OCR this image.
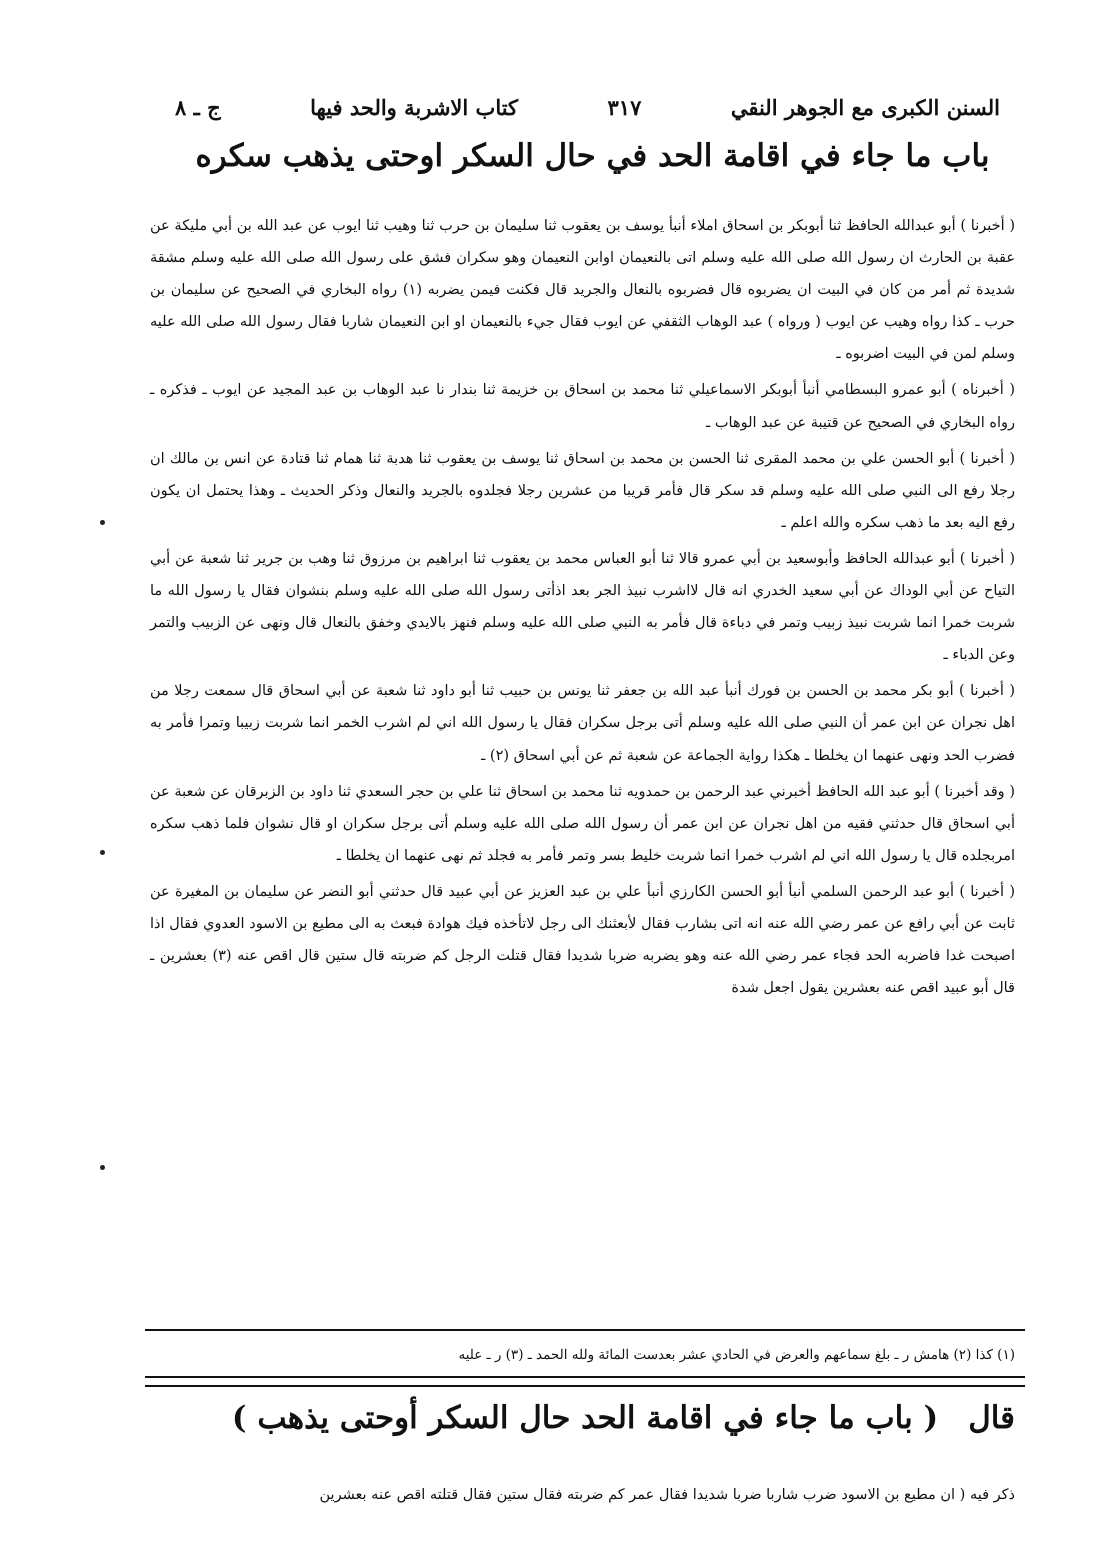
السنن الكبرى مع الجوهر النقي
٣١٧
كتاب الاشربة والحد فيها
ج ـ ٨
باب ما جاء في اقامة الحد في حال السكر اوحتى يذهب سكره

( أخبرنا ) أبو عبدالله الحافظ ثنا أبوبكر بن اسحاق املاء أنبأ يوسف بن يعقوب ثنا سليمان بن حرب ثنا وهيب ثنا ايوب عن عبد الله بن أبي مليكة عن عقبة بن الحارث ان رسول الله صلى الله عليه وسلم اتى بالنعيمان اوابن النعيمان وهو سكران فشق على رسول الله صلى الله عليه وسلم مشقة شديدة ثم أمر من كان في البيت ان يضربوه قال فضربوه بالنعال والجريد قال فكنت فيمن يضربه (١) رواه البخاري في الصحيح عن سليمان بن حرب ـ كذا رواه وهيب عن ايوب ( ورواه ) عبد الوهاب الثقفي عن ايوب فقال جيء بالنعيمان او ابن النعيمان شاربا فقال رسول الله صلى الله عليه وسلم لمن في البيت اضربوه ـ

( أخبرناه ) أبو عمرو البسطامي أنبأ أبوبكر الاسماعيلي ثنا محمد بن اسحاق بن خزيمة ثنا بندار نا عبد الوهاب بن عبد المجيد عن ايوب ـ فذكره ـ رواه البخاري في الصحيح عن قتيبة عن عبد الوهاب ـ

( أخبرنا ) أبو الحسن علي بن محمد المقرى ثنا الحسن بن محمد بن اسحاق ثنا يوسف بن يعقوب ثنا هدبة ثنا همام ثنا قتادة عن انس بن مالك ان رجلا رفع الى النبي صلى الله عليه وسلم قد سكر قال فأمر قريبا من عشرين رجلا فجلدوه بالجريد والنعال وذكر الحديث ـ وهذا يحتمل ان يكون رفع اليه بعد ما ذهب سكره والله اعلم ـ

( أخبرنا ) أبو عبدالله الحافظ وأبوسعيد بن أبي عمرو قالا ثنا أبو العباس محمد بن يعقوب ثنا ابراهيم بن مرزوق ثنا وهب بن جرير ثنا شعبة عن أبي التياح عن أبي الوداك عن أبي سعيد الخدري انه قال لااشرب نبيذ الجر بعد اذأتى رسول الله صلى الله عليه وسلم بنشوان فقال يا رسول الله ما شربت خمرا انما شربت نبيذ زبيب وتمر في دباءة قال فأمر به النبي صلى الله عليه وسلم فنهز بالايدي وخفق بالنعال قال ونهى عن الزبيب والتمر وعن الدباء ـ

( أخبرنا ) أبو بكر محمد بن الحسن بن فورك أنبأ عبد الله بن جعفر ثنا يونس بن حبيب ثنا أبو داود ثنا شعبة عن أبي اسحاق قال سمعت رجلا من اهل نجران عن ابن عمر أن النبي صلى الله عليه وسلم أتى برجل سكران فقال يا رسول الله اني لم اشرب الخمر انما شربت زبيبا وتمرا فأمر به فضرب الحد ونهى عنهما ان يخلطا ـ هكذا رواية الجماعة عن شعبة ثم عن أبي اسحاق (٢) ـ

( وقد أخبرنا ) أبو عبد الله الحافظ أخبرني عبد الرحمن بن حمدويه ثنا محمد بن اسحاق ثنا علي بن حجر السعدي ثنا داود بن الزبرقان عن شعبة عن أبي اسحاق قال حدثني فقيه من اهل نجران عن ابن عمر أن رسول الله صلى الله عليه وسلم أتى برجل سكران او قال نشوان فلما ذهب سكره امربجلده قال يا رسول الله اني لم اشرب خمرا انما شربت خليط بسر وتمر فأمر به فجلد ثم نهى عنهما ان يخلطا ـ

( أخبرنا ) أبو عبد الرحمن السلمي أنبأ أبو الحسن الكارزي أنبأ علي بن عبد العزيز عن أبي عبيد قال حدثني أبو النضر عن سليمان بن المغيرة عن ثابت عن أبي رافع عن عمر رضي الله عنه انه اتى بشارب فقال لأبعثنك الى رجل لاتأخذه فيك هوادة فبعث به الى مطيع بن الاسود العدوي فقال اذا اصبحت غدا فاضربه الحد فجاء عمر رضي الله عنه وهو يضربه ضربا شديدا فقال قتلت الرجل كم ضربته قال ستين قال اقص عنه (٣) بعشرين ـ قال أبو عبيد اقص عنه بعشرين يقول اجعل شدة

(١) كذا (٢) هامش ر ـ بلغ سماعهم والعرض في الحادي عشر بعدست المائة ولله الحمد ـ (٣) ر ـ عليه
قال
( باب ما جاء في اقامة الحد حال السكر أوحتى يذهب )
ذكر فيه ( ان مطيع بن الاسود ضرب شاربا ضربا شديدا فقال عمر كم ضربته فقال ستين فقال قتلته اقص عنه بعشرين
